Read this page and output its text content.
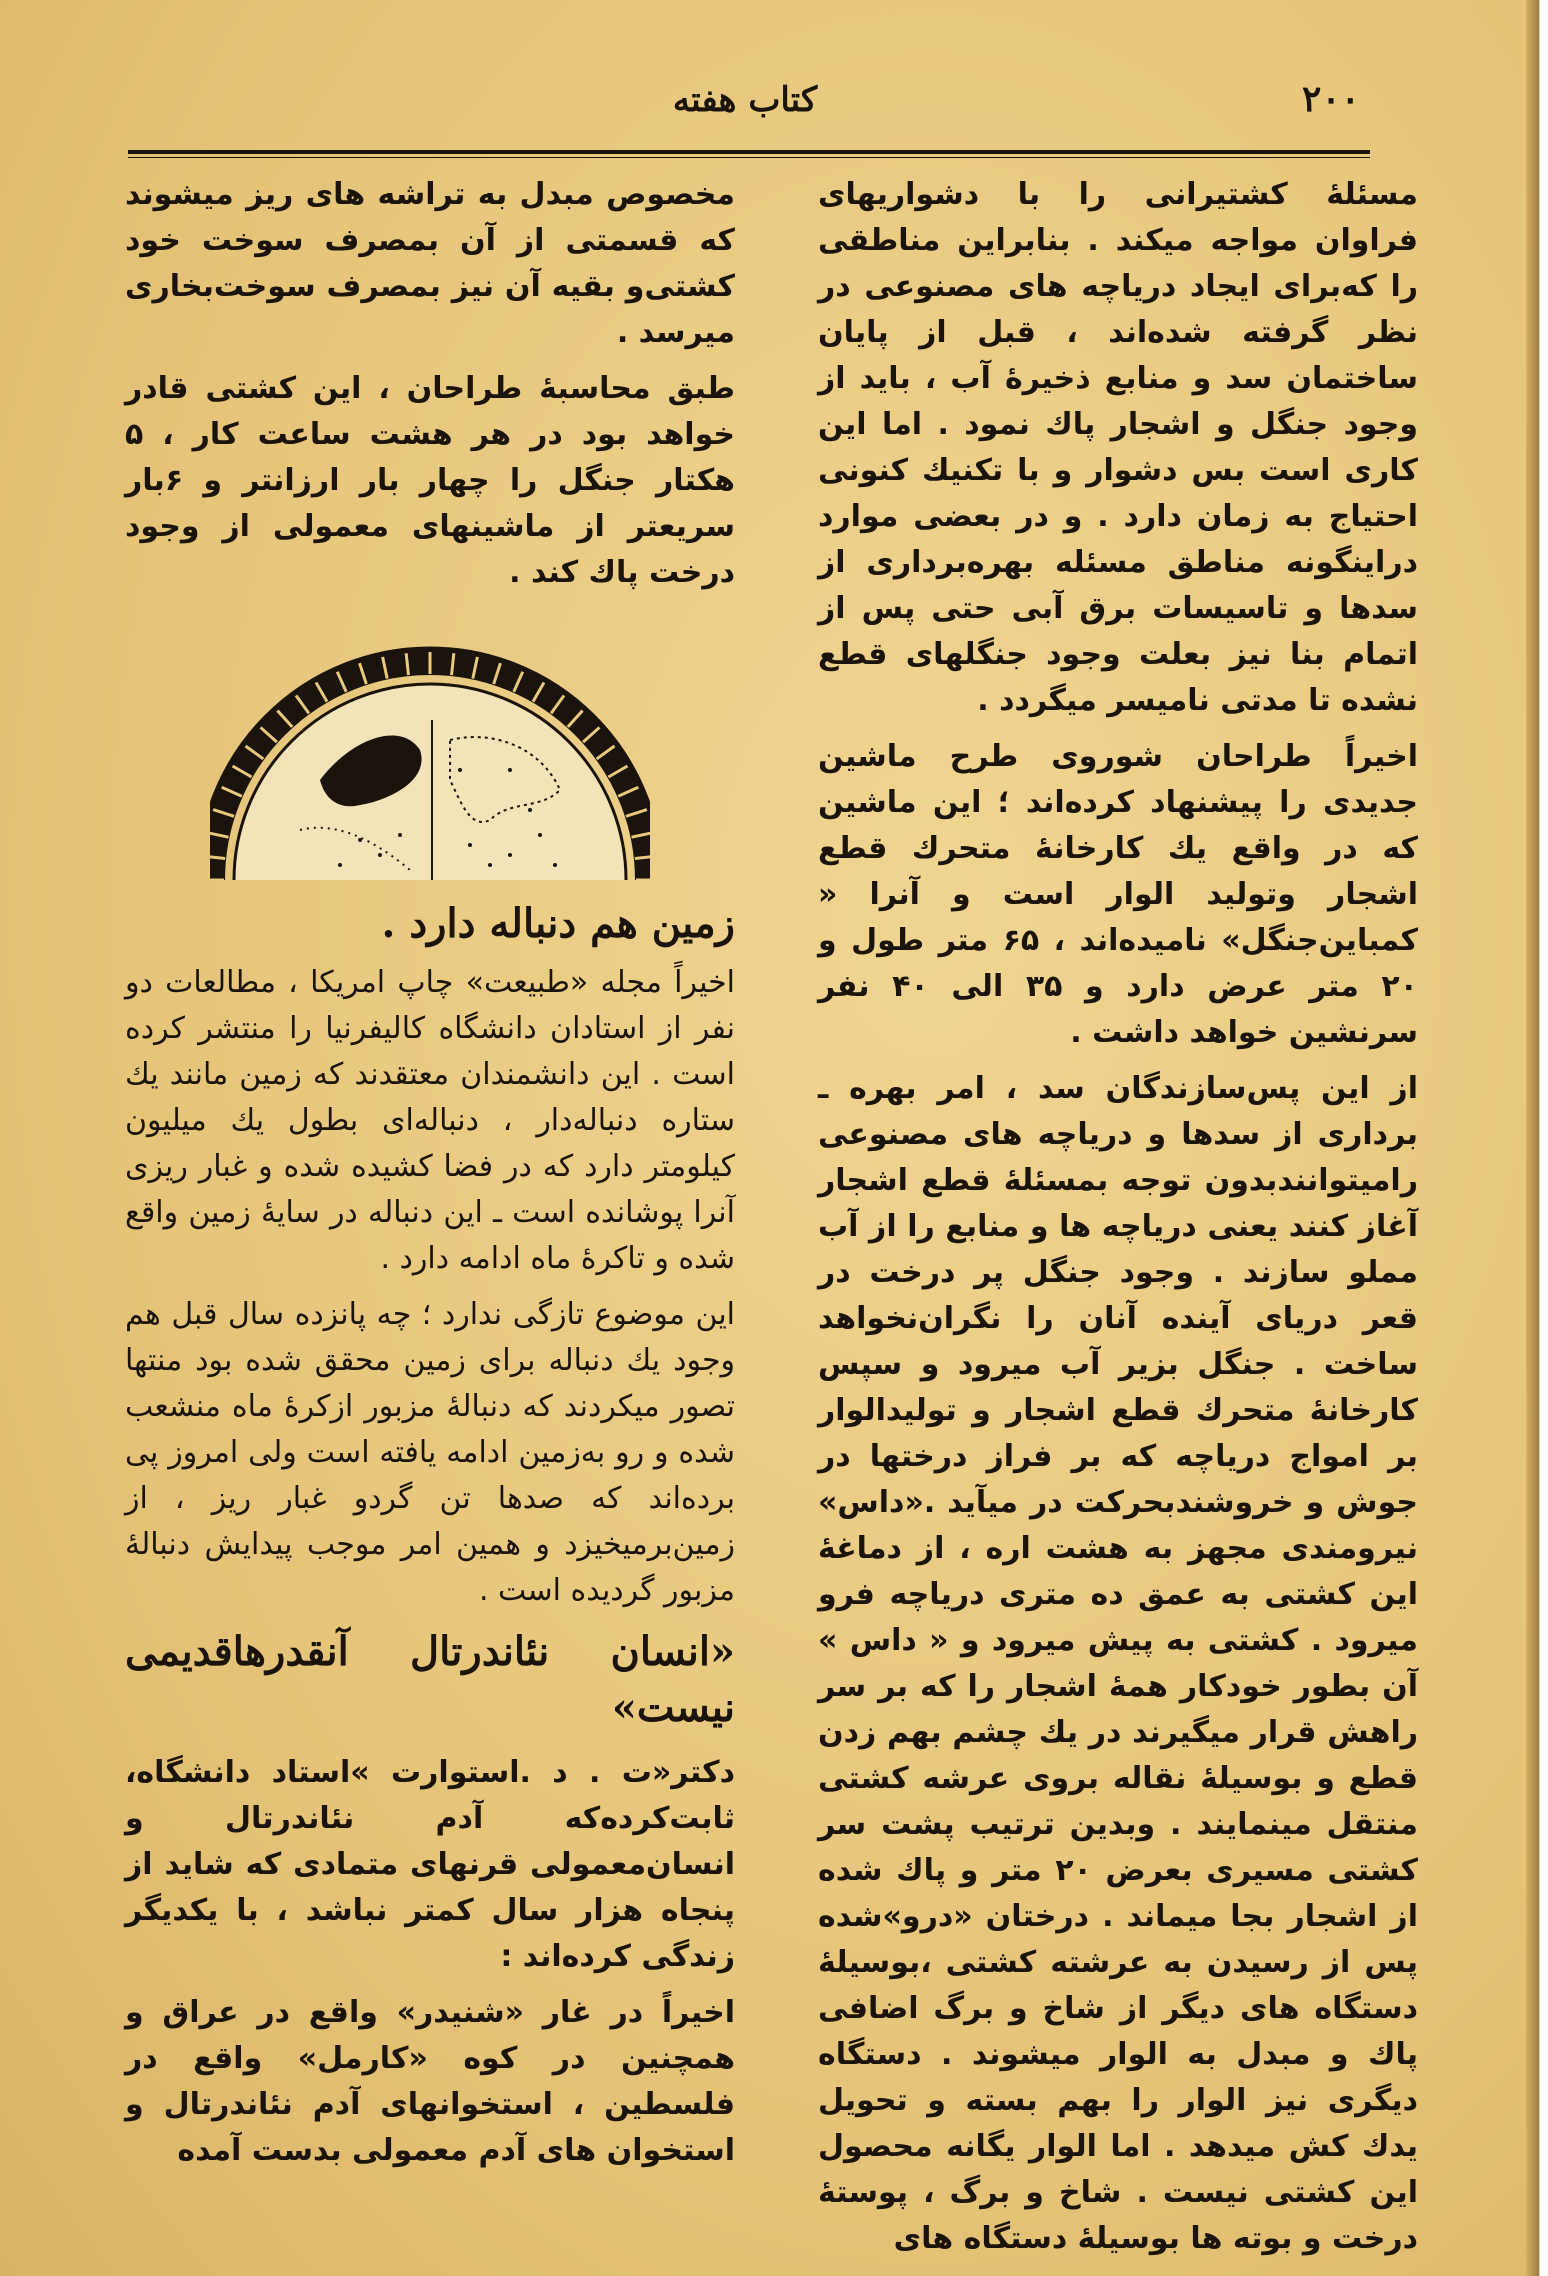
۲۰۰
کتاب هفته

مسئلهٔ کشتیرانی را با دشواریهای فراوان مواجه میکند . بنابراین مناطقی را که‌برای ایجاد دریاچه های مصنوعی در نظر گرفته شده‌اند ، قبل از پایان ساختمان سد و منابع ذخیرهٔ آب ، باید از وجود جنگل و اشجار پاك نمود . اما این کاری است بس دشوار و با تکنیك کنونی احتیاج به زمان دارد . و در بعضی موارد دراینگونه مناطق مسئله بهره‌برداری از سدها و تاسیسات برق آبی حتی پس از اتمام بنا نیز بعلت وجود جنگلهای قطع نشده تا مدتی نامیسر میگردد .

اخیراً طراحان شوروی طرح ماشین جدیدی را پیشنهاد کرده‌اند ؛ این ماشین که در واقع یك کارخانهٔ متحرك قطع اشجار وتولید الوار است و آنرا « کمباین‌جنگل» نامیده‌اند ، ۶۵ متر طول و ۲۰ متر عرض دارد و ۳۵ الی ۴۰ نفر سرنشین خواهد داشت .

از این پس‌سازندگان سد ، امر بهره ـ برداری از سدها و دریاچه های مصنوعی رامیتوانندبدون توجه بمسئلهٔ قطع اشجار آغاز کنند یعنی دریاچه ها و منابع را از آب مملو سازند . وجود جنگل پر درخت در قعر دریای آینده آنان را نگران‌نخواهد ساخت . جنگل بزیر آب میرود و سپس کارخانهٔ متحرك قطع اشجار و تولیدالوار بر امواج دریاچه که بر فراز درختها در جوش و خروشندبحرکت در میآید .«داس» نیرومندی مجهز به هشت اره ، از دماغهٔ این کشتی به عمق ده متری دریاچه فرو میرود . کشتی به پیش میرود و « داس » آن بطور خودکار همهٔ اشجار را که بر سر راهش قرار میگیرند در یك چشم بهم زدن قطع و بوسیلهٔ نقاله بروی عرشه کشتی منتقل مینمایند . وبدین ترتیب پشت سر کشتی مسیری بعرض ۲۰ متر و پاك شده از اشجار بجا میماند . درختان «درو»شده پس از رسیدن به عرشته کشتی ،بوسیلهٔ دستگاه های دیگر از شاخ و برگ اضافی پاك و مبدل به الوار میشوند . دستگاه دیگری نیز الوار را بهم بسته و تحویل یدك کش میدهد . اما الوار یگانه محصول این کشتی نیست . شاخ و برگ ، پوستهٔ درخت و بوته ها بوسیلهٔ دستگاه های

مخصوص مبدل به تراشه های ریز میشوند که قسمتی از آن بمصرف سوخت خود کشتی‌و بقیه آن نیز بمصرف سوخت‌بخاری میرسد .

طبق محاسبهٔ طراحان ، این کشتی قادر خواهد بود در هر هشت ساعت کار ، ۵ هکتار جنگل را چهار بار ارزانتر و ۶بار سریعتر از ماشینهای معمولی از وجود درخت پاك کند .

زمین هم دنباله دارد .

اخیراً مجله «طبیعت» چاپ امریکا ، مطالعات دو نفر از استادان دانشگاه کالیفرنیا را منتشر کرده است . این دانشمندان معتقدند که زمین مانند یك ستاره دنباله‌دار ، دنباله‌ای بطول یك میلیون کیلومتر دارد که در فضا کشیده شده و غبار ریزی آنرا پوشانده است ـ این دنباله در سایهٔ زمین واقع شده و تاکرهٔ ماه ادامه دارد .

این موضوع تازگی ندارد ؛ چه پانزده سال قبل هم وجود یك دنباله برای زمین محقق شده بود منتها تصور میکردند که دنبالهٔ مزبور ازکرهٔ ماه منشعب شده و رو به‌زمین ادامه یافته است ولی امروز پی برده‌اند که صدها تن گردو غبار ریز ، از زمین‌برمیخیزد و همین امر موجب پیدایش دنبالهٔ مزبور گردیده است .

«انسان نئاندرتال آنقدرهاقدیمی نیست»

دکتر«ت . د .استوارت »استاد دانشگاه، ثابت‌کرده‌که آدم نئاندرتال و انسان‌معمولی قرنهای متمادی که شاید از پنجاه هزار سال کمتر نباشد ، با یکدیگر زندگی کرده‌اند :

اخیراً در غار «شنیدر» واقع در عراق و همچنین در کوه «کارمل» واقع در فلسطین ، استخوانهای آدم نئاندرتال و استخوان های آدم معمولی بدست آمده
